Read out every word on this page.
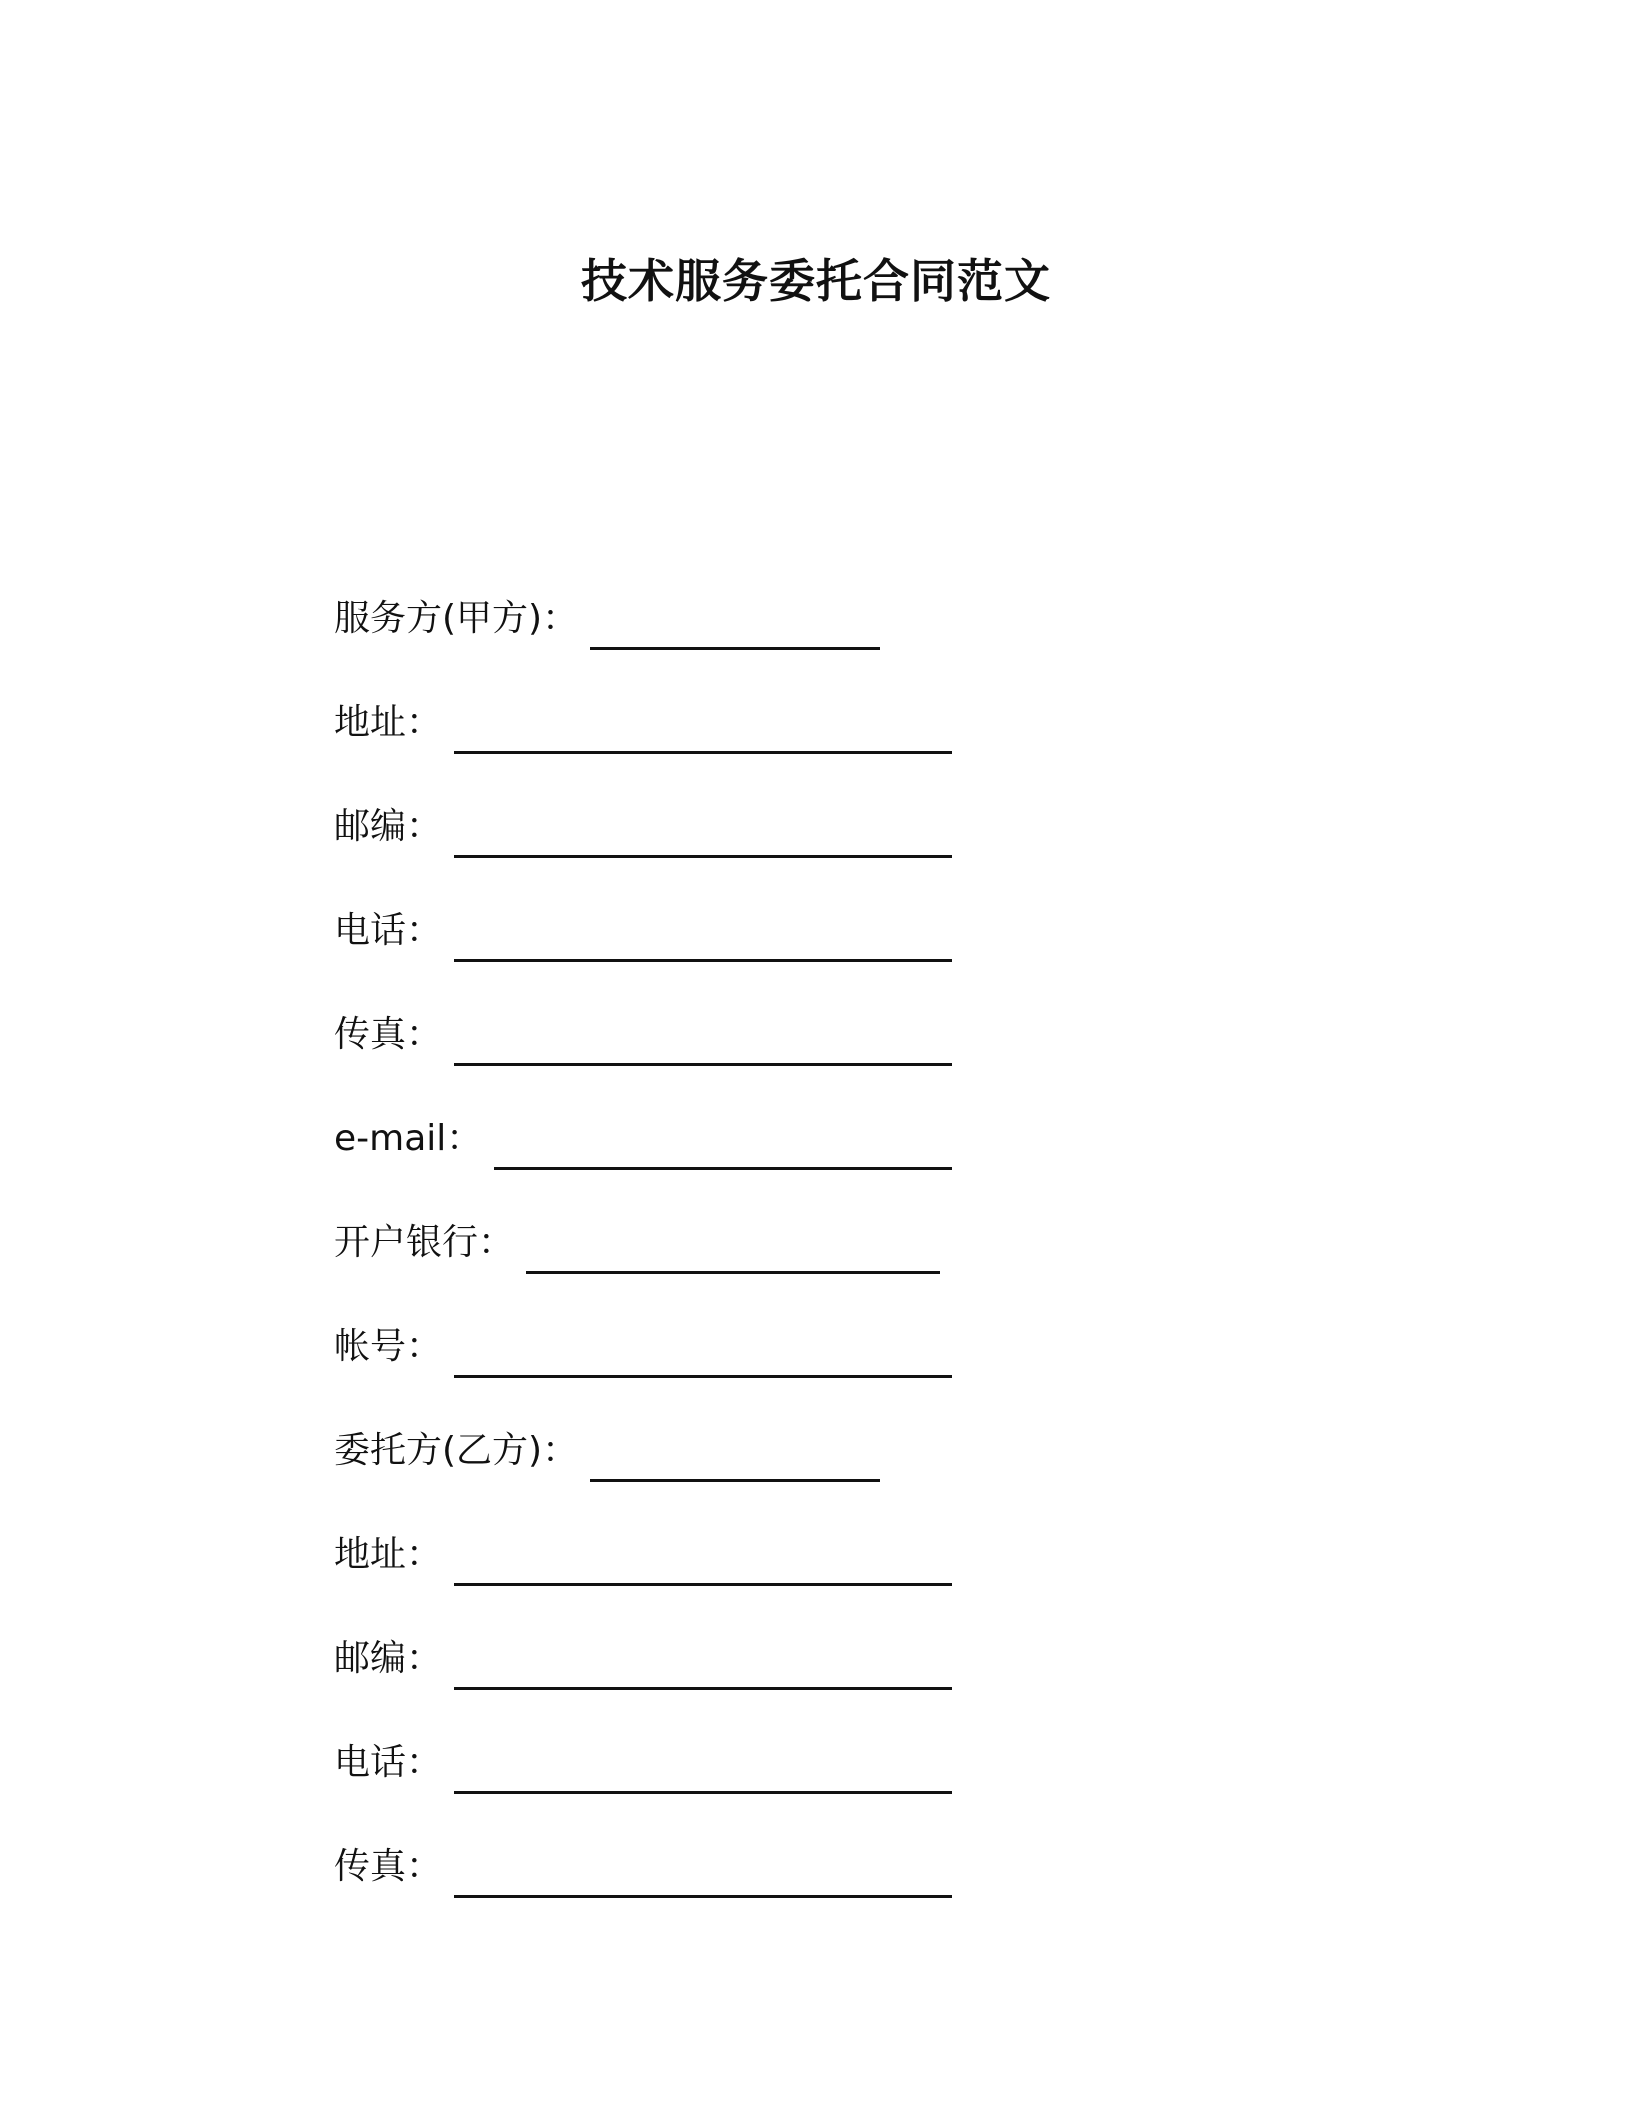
技术服务委托合同范文
服务方(甲方) ：
地址 ：
邮编 ：
电话 ：
传真 ：
e-mail ：
开户银行 ：
帐号 ：
委托方(乙方) ：
地址 ：
邮编 ：
电话 ：
传真 ：
